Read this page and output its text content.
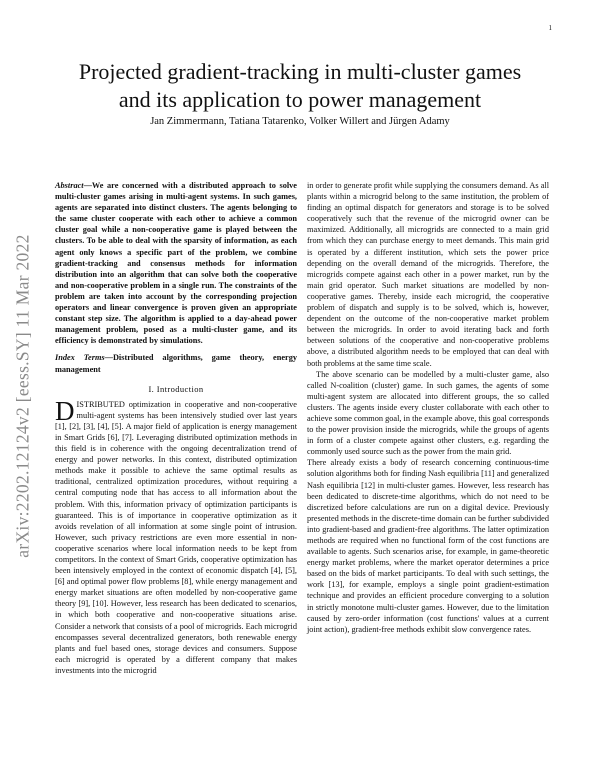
1
arXiv:2202.12124v2 [eess.SY] 11 Mar 2022
Projected gradient-tracking in multi-cluster games
and its application to power management
Jan Zimmermann, Tatiana Tatarenko, Volker Willert and Jürgen Adamy

Abstract—We are concerned with a distributed approach to solve multi-cluster games arising in multi-agent systems. In such games, agents are separated into distinct clusters. The agents belonging to the same cluster cooperate with each other to achieve a common cluster goal while a non-cooperative game is played between the clusters. To be able to deal with the sparsity of information, as each agent only knows a specific part of the problem, we combine gradient-tracking and consensus methods for information distribution into an algorithm that can solve both the cooperative and non-cooperative problem in a single run. The constraints of the problem are taken into account by the corresponding projection operators and linear convergence is proven given an appropriate constant step size. The algorithm is applied to a day-ahead power management problem, posed as a multi-cluster game, and its efficiency is demonstrated by simulations.

Index Terms—Distributed algorithms, game theory, energy management

I. Introduction

DISTRIBUTED optimization in cooperative and non-cooperative multi-agent systems has been intensively studied over last years [1], [2], [3], [4], [5]. A major field of application is energy management in Smart Grids [6], [7]. Leveraging distributed optimization methods in this field is in coherence with the ongoing decentralization trend of energy and power networks. In this context, distributed optimization methods make it possible to achieve the same optimal results as traditional, centralized optimization procedures, without requiring a central computing node that has access to all information about the problem. With this, information privacy of optimization participants is guaranteed. This is of importance in cooperative optimization as it avoids revelation of all information at some single point of intrusion. However, such privacy restrictions are even more essential in non-cooperative scenarios where local information needs to be kept from competitors. In the context of Smart Grids, cooperative optimization has been intensively employed in the context of economic dispatch [4], [5], [6] and optimal power flow problems [8], while energy management and energy market situations are often modelled by non-cooperative game theory [9], [10]. However, less research has been dedicated to scenarios, in which both cooperative and non-cooperative situations arise. Consider a network that consists of a pool of microgrids. Each microgrid encompasses several decentralized generators, both renewable energy plants and fuel based ones, storage devices and consumers. Suppose each microgrid is operated by a different company that makes investments into the microgrid

in order to generate profit while supplying the consumers demand. As all plants within a microgrid belong to the same institution, the problem of finding an optimal dispatch for generators and storage is to be solved cooperatively such that the revenue of the microgrid owner can be maximized. Additionally, all microgrids are connected to a main grid from which they can purchase energy to meet demands. This main grid is operated by a different institution, which sets the power price depending on the overall demand of the microgrids. Therefore, the microgrids compete against each other in a power market, run by the main grid operator. Such market situations are modelled by non-cooperative games. Thereby, inside each microgrid, the cooperative problem of dispatch and supply is to be solved, which is, however, dependent on the outcome of the non-cooperative market problem between the microgrids. In order to avoid iterating back and forth between solutions of the cooperative and non-cooperative problems above, a distributed algorithm needs to be employed that can deal with both problems at the same time scale.

The above scenario can be modelled by a multi-cluster game, also called N-coalition (cluster) game. In such games, the agents of some multi-agent system are allocated into different groups, the so called clusters. The agents inside every cluster collaborate with each other to achieve some common goal, in the example above, this goal corresponds to the power provision inside the microgrids, while the groups of agents in form of a cluster compete against other clusters, e.g. regarding the commonly used source such as the power from the main grid.

There already exists a body of research concerning continuous-time solution algorithms both for finding Nash equilibria [11] and generalized Nash equilibria [12] in multi-cluster games. However, less research has been dedicated to discrete-time algorithms, which do not need to be discretized before calculations are run on a digital device. Previously presented methods in the discrete-time domain can be further subdivided into gradient-based and gradient-free algorithms. The latter optimization methods are required when no functional form of the cost functions are available to agents. Such scenarios arise, for example, in game-theoretic energy market problems, where the market operator determines a price based on the bids of market participants. To deal with such settings, the work [13], for example, employs a single point gradient-estimation technique and provides an efficient procedure converging to a solution in strictly monotone multi-cluster games. However, due to the limitation caused by zero-order information (cost functions' values at a current joint action), gradient-free methods exhibit slow convergence rates.
